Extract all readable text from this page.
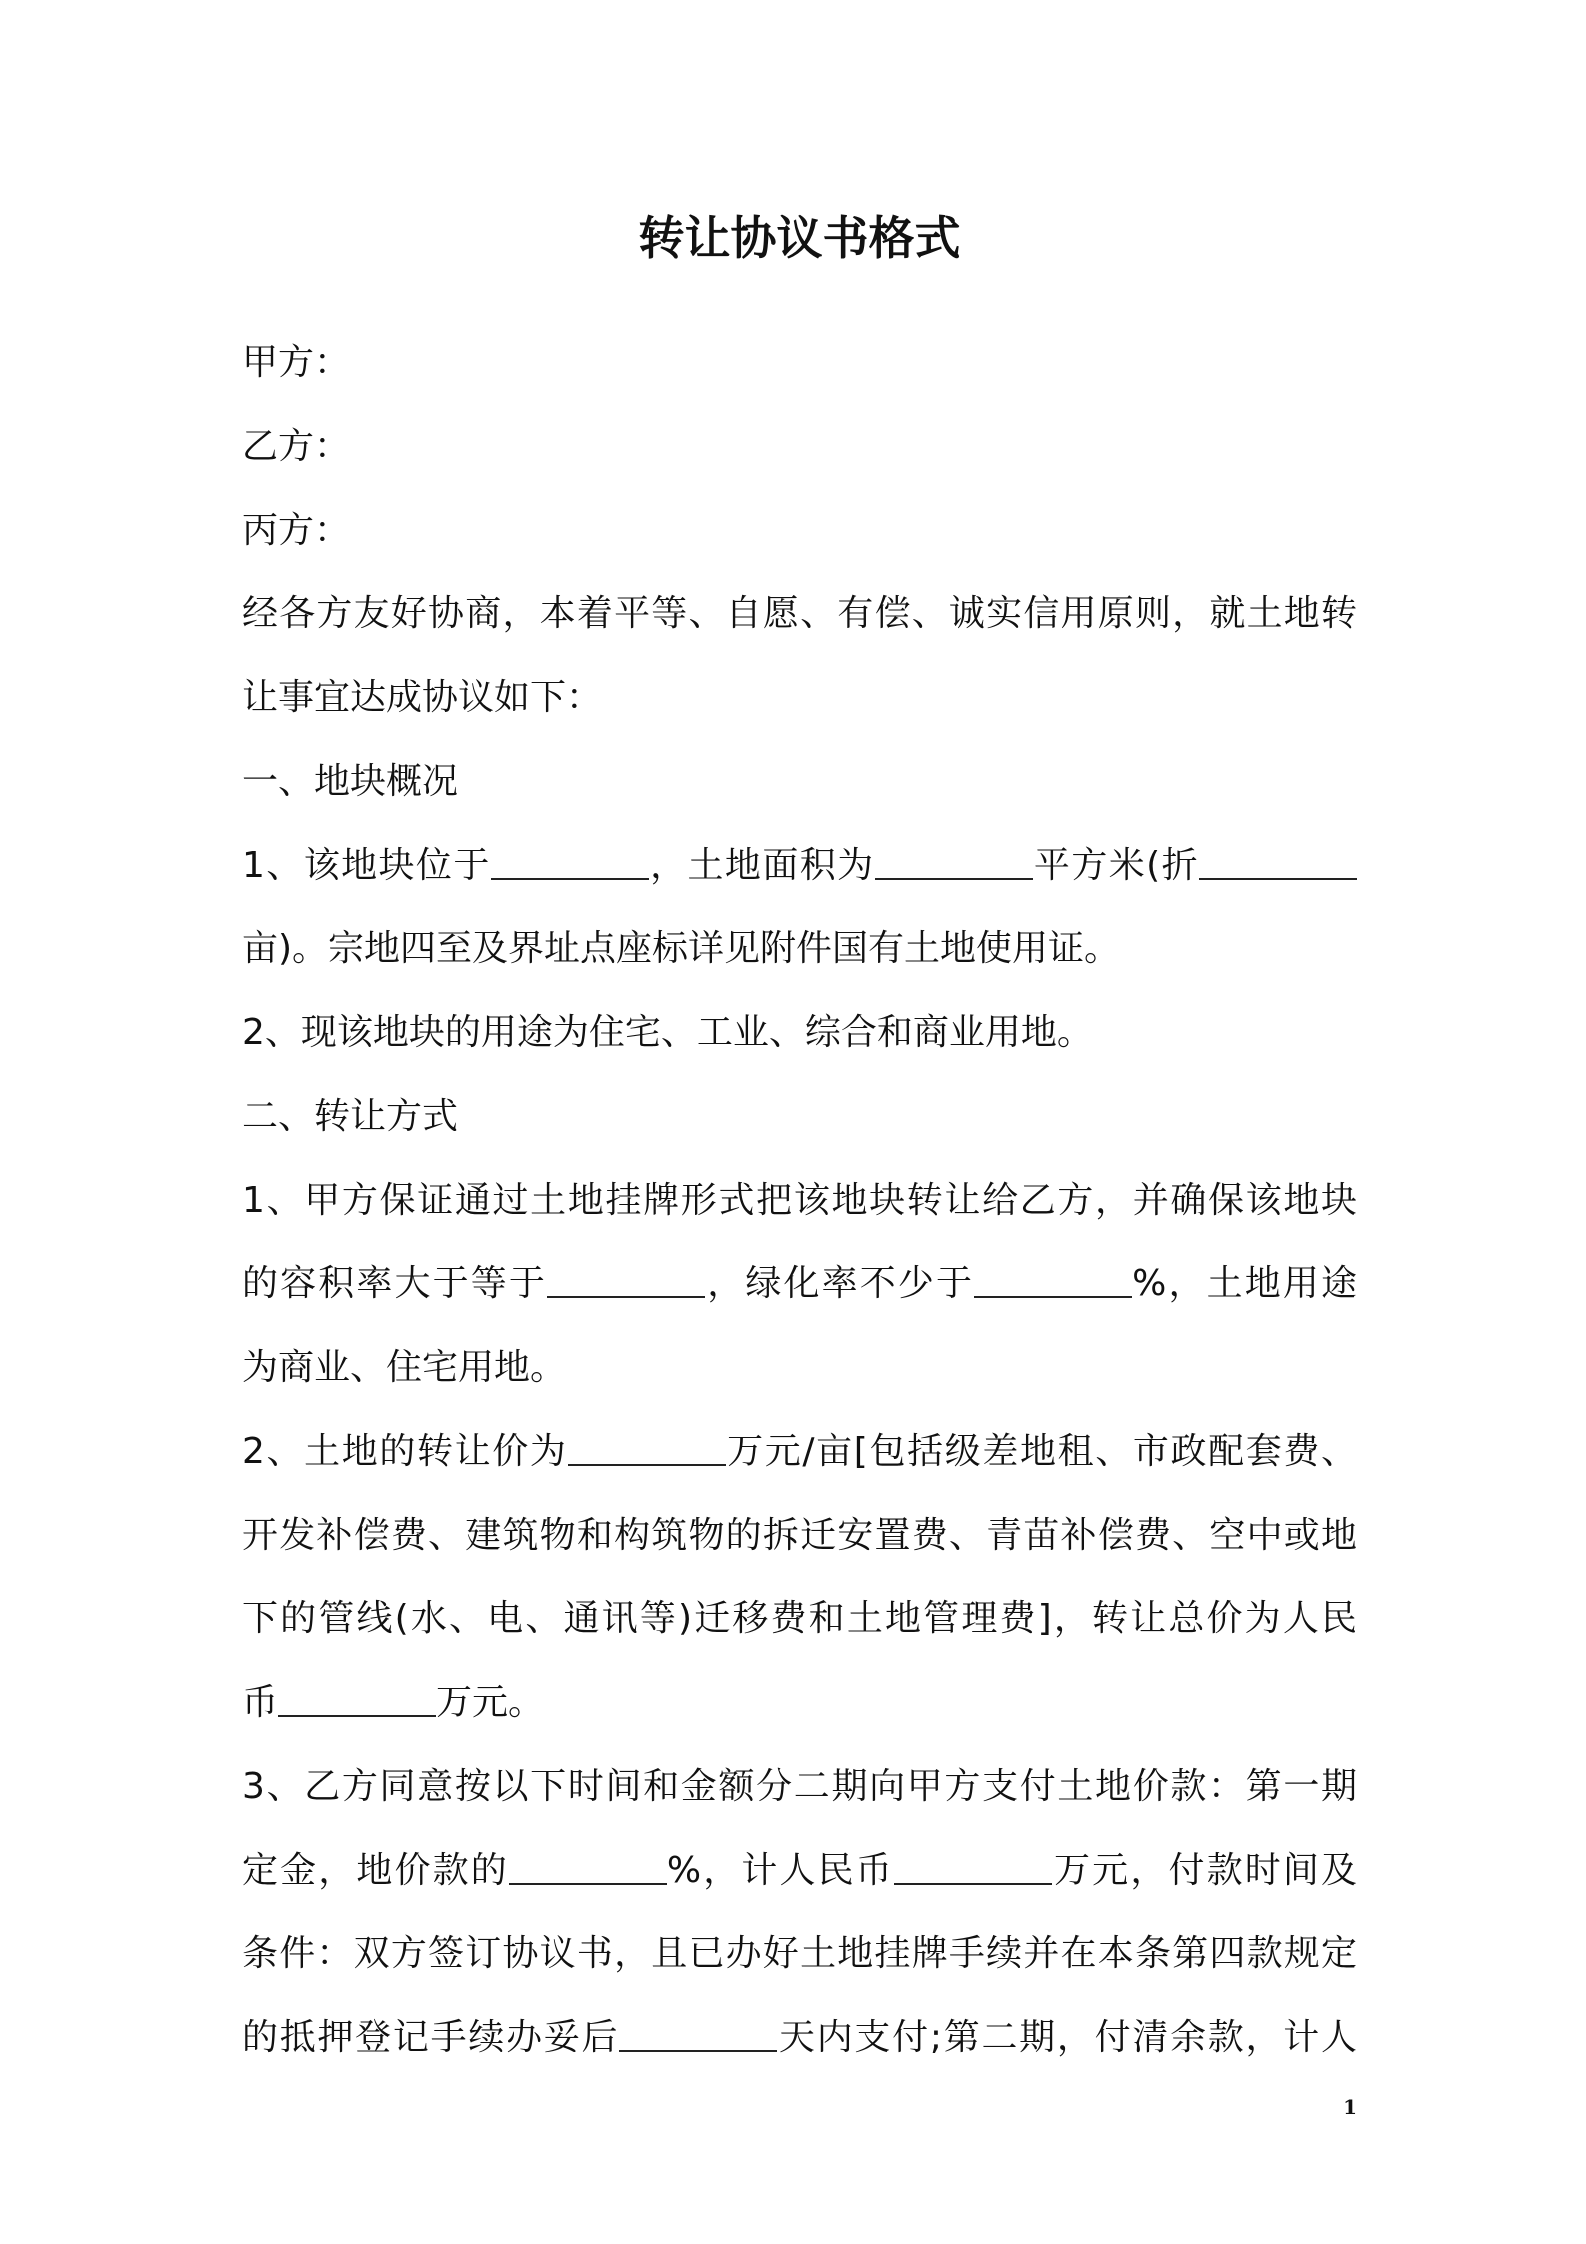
转让协议书格式
甲方：
乙方：
丙方：
经各方友好协商，本着平等、自愿、有偿、诚实信用原则，就土地转
让事宜达成协议如下：
一、地块概况
1、该地块位于	，土地面积为	平方米(折
亩)。宗地四至及界址点座标详见附件国有土地使用证。
2、现该地块的用途为住宅、工业、综合和商业用地。
二、转让方式
1、甲方保证通过土地挂牌形式把该地块转让给乙方，并确保该地块
的容积率大于等于	，绿化率不少于	%，土地用途
为商业、住宅用地。
2、土地的转让价为	万元/亩[包括级差地租、市政配套费、
开发补偿费、建筑物和构筑物的拆迁安置费、青苗补偿费、空中或地
下的管线(水、电、通讯等)迁移费和土地管理费]，转让总价为人民
币	万元。
3、乙方同意按以下时间和金额分二期向甲方支付土地价款：第一期
定金，地价款的	%，计人民币	万元，付款时间及
条件：双方签订协议书，且已办好土地挂牌手续并在本条第四款规定
的抵押登记手续办妥后	天内支付;第二期，付清余款，计人
1
